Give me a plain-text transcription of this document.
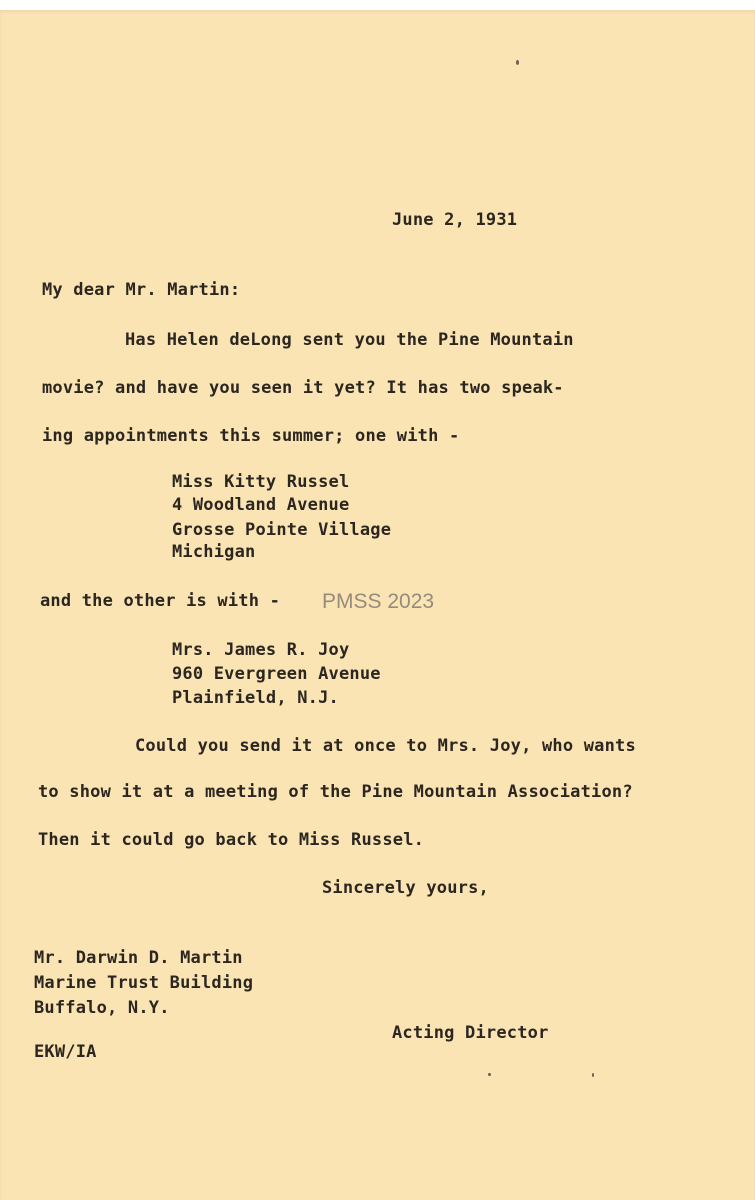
June 2, 1931
My dear Mr. Martin:
Has Helen deLong sent you the Pine Mountain
movie? and have you seen it yet? It has two speak-
ing appointments this summer; one with -
Miss Kitty Russel
4 Woodland Avenue
Grosse Pointe Village
Michigan
and the other is with -
Mrs. James R. Joy
960 Evergreen Avenue
Plainfield, N.J.
Could you send it at once to Mrs. Joy, who wants
to show it at a meeting of the Pine Mountain Association?
Then it could go back to Miss Russel.
Sincerely yours,
Mr. Darwin D. Martin
Marine Trust Building
Buffalo, N.Y.
Acting Director
EKW/IA
PMSS 2023
